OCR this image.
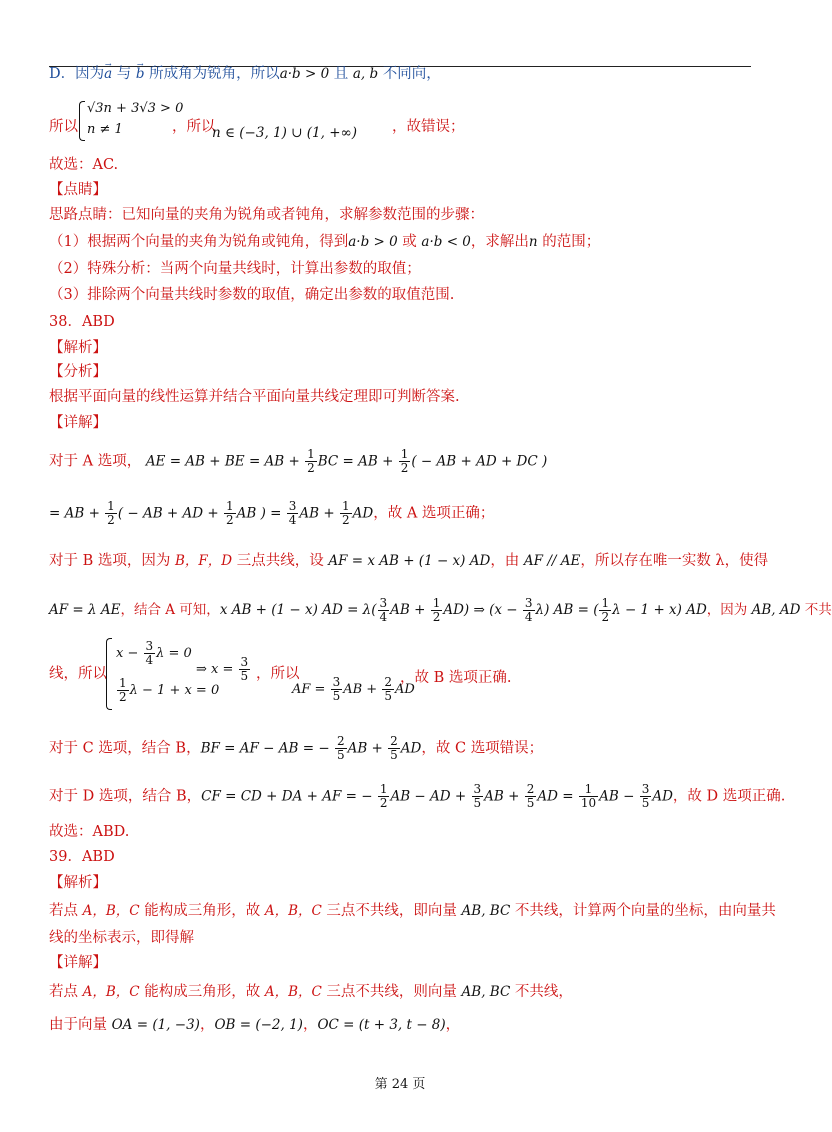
D．因为→ a 与 → b 所成角为锐角，所以a·b > 0 且 a, b 不同向，
所以
√3n + 3√3 > 0
n ≠ 1	，所以
n ∈ (−3, 1) ∪ (1, +∞) ，故错误；
故选：AC.
【点睛】
思路点睛：已知向量的夹角为锐角或者钝角，求解参数范围的步骤：
（1）根据两个向量的夹角为锐角或钝角，得到a·b > 0 或 a·b < 0，求解出n 的范围；
（2）特殊分析：当两个向量共线时，计算出参数的取值；
（3）排除两个向量共线时参数的取值，确定出参数的取值范围.
38．ABD
【解析】
【分析】
根据平面向量的线性运算并结合平面向量共线定理即可判断答案.
【详解】
对于 A 选项， AE = AB + BE = AB + $\frac{1}{2}$ BC = AB + $\frac{1}{2}$ ( − AB + AD + DC )
= AB + $\frac{1}{2}$ ( − AB + AD + $\frac{1}{2}$ AB ) = $\frac{3}{4}$ AB + $\frac{1}{2}$ AD，故 A 选项正确；
对于 B 选项，因为 B，F，D 三点共线，设 AF = x AB + (1 − x) AD，由 AF // AE，所以存在唯一实数 λ，使得
AF = λ AE，结合 A 可知，x AB + (1 − x) AD = $\lambda( \frac{3}{4}$ AB + $\frac{1}{2} AD$) ⇒ $(x - \frac{3}{4} \lambda)$ AB = ( $\frac{1}{2}$ λ − 1 + x) AD，因为 AB, AD 不共
线，所以
$x - \frac{3}{4}$ λ = 0
$\frac{1}{2}$ λ − 1 + x = 0
⇒ $x = \frac{3}{5}$ ，所以
AF = $\frac{3}{5}$ AB + $\frac{2}{5}$ AD
，故 B 选项正确.
对于 C 选项，结合 B，BF = AF − AB = − $\frac{2}{5}$ AB + $\frac{2}{5}$ AD，故 C 选项错误；
对于 D 选项，结合 B，CF = CD + DA + AF = − $\frac{1}{2}$ AB − AD + $\frac{3}{5}$ AB + $\frac{2}{5}$ AD = $\frac{1}{10}$ AB − $\frac{3}{5}$ AD，故 D 选项正确.
故选：ABD.
39．ABD
【解析】
若点 A，B，C 能构成三角形，故 A，B，C 三点不共线，即向量 AB, BC 不共线，计算两个向量的坐标，由向量共
线的坐标表示，即得解
【详解】
若点 A，B，C 能构成三角形，故 A，B，C 三点不共线，则向量 AB, BC 不共线，
由于向量 OA = (1, −3)，OB = (−2, 1)，OC = (t + 3, t − 8)，
第 24 页
